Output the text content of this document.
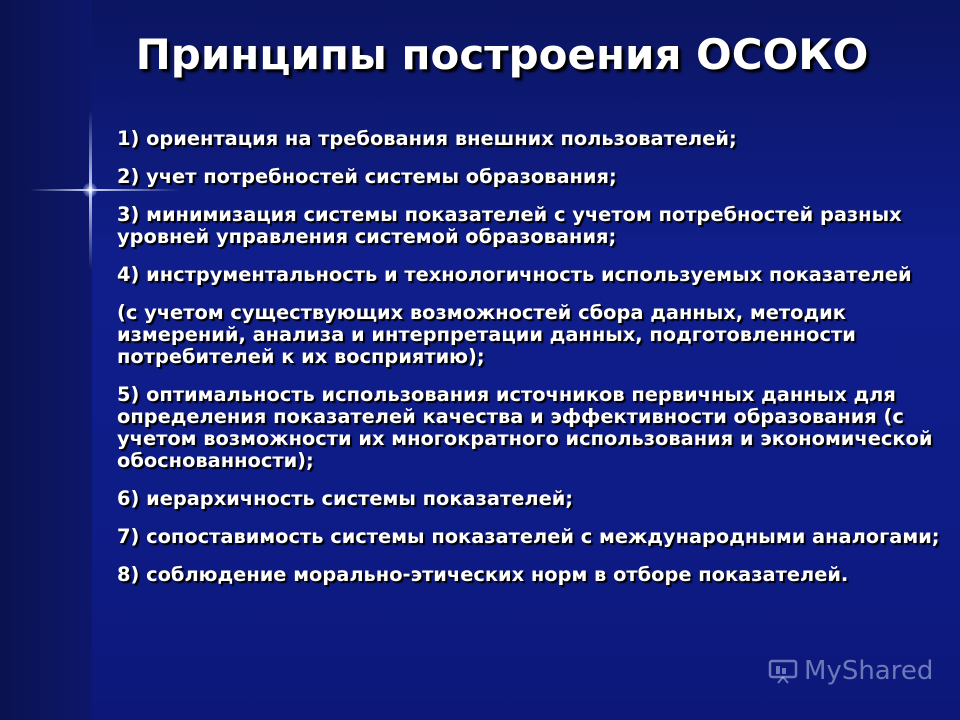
Принципы построения ОСОКО
1) ориентация на требования внешних пользователей;
2) учет потребностей системы образования;
3) минимизация системы показателей с учетом потребностей разных уровней управления системой образования;
4) инструментальность и технологичность используемых показателей
(с учетом существующих возможностей сбора данных, методик измерений, анализа и интерпретации данных, подготовленности потребителей к их восприятию);
5) оптимальность использования источников первичных данных для определения показателей качества и эффективности образования (с учетом возможности их многократного использования и экономической обоснованности);
6) иерархичность системы показателей;
7) сопоставимость системы показателей с международными аналогами;
8) соблюдение морально-этических норм в отборе показателей.
MyShared
